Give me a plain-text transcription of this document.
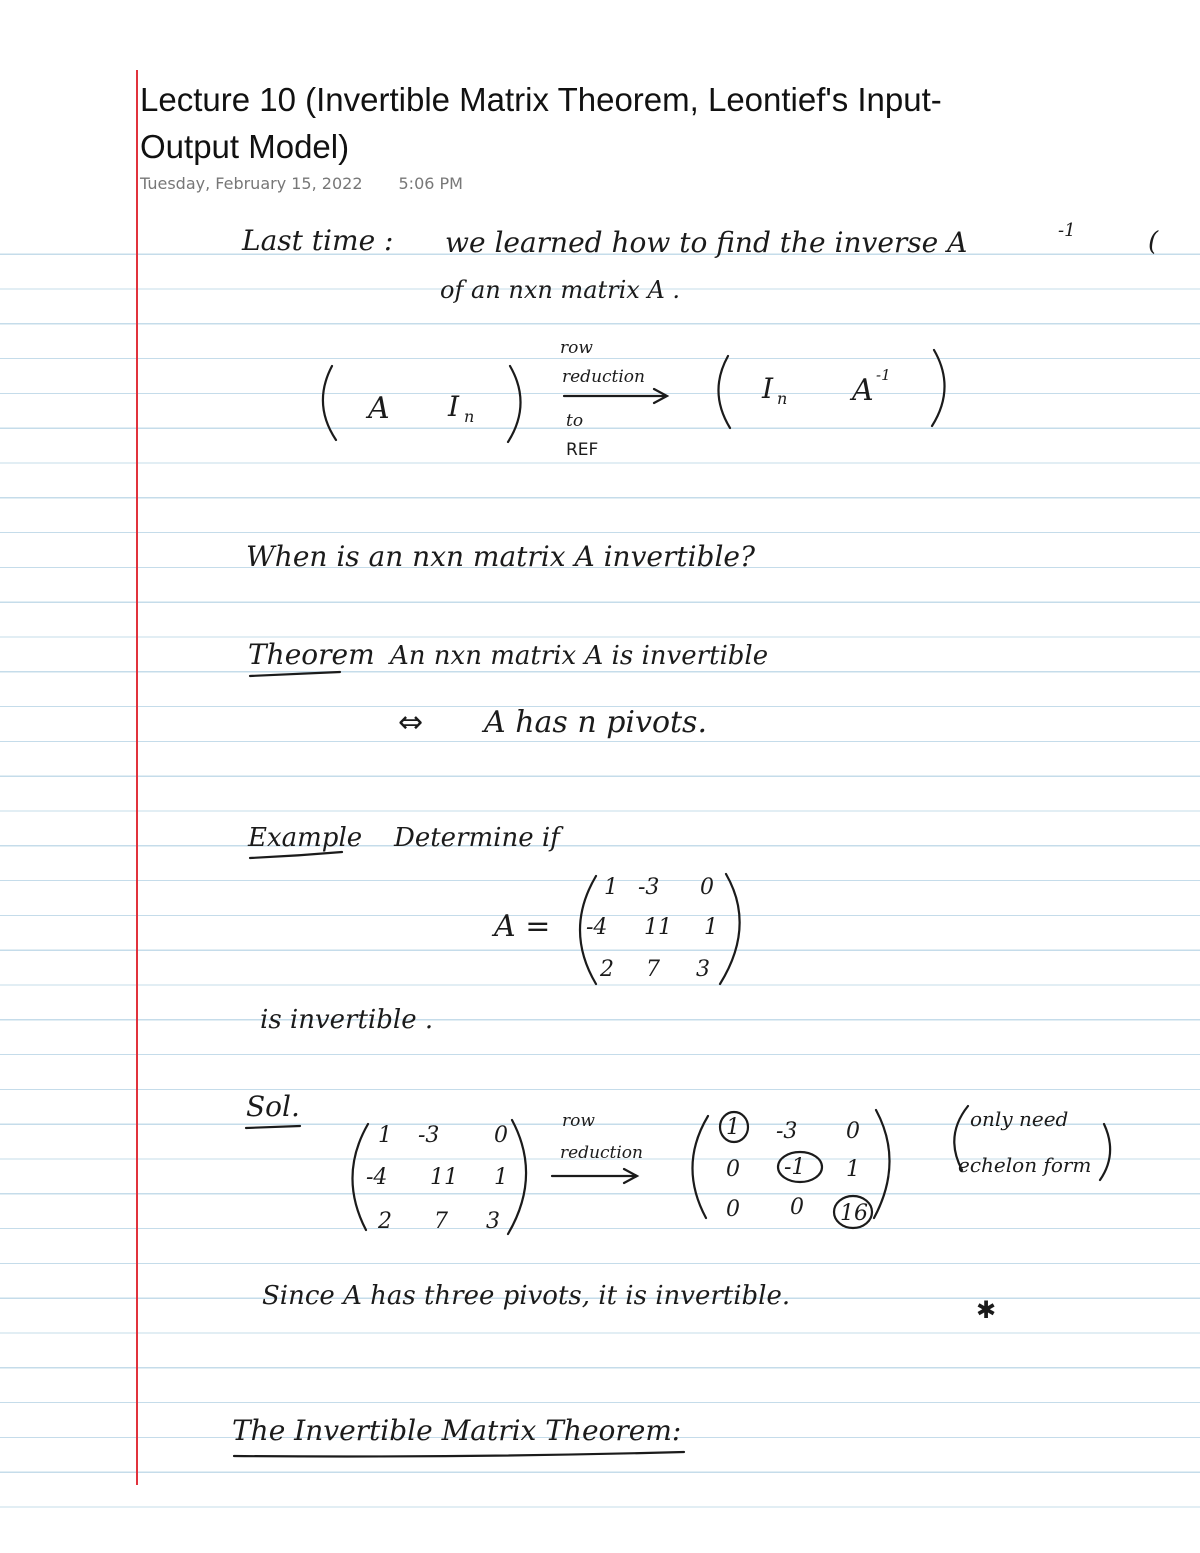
Lecture 10 (Invertible Matrix Theorem, Leontief's Input-Output Model)
Tuesday, February 15, 2022 5:06 PM
Last time : we learned how to find the inverse A	-1	(
of an nxn matrix A .
A I n
row
reduction
to
REF
I n A -1
When is an nxn matrix A invertible?
Theorem An nxn matrix A is invertible
⇔ A has n pivots.
Example Determine if
A =
1 -3 0
-4 11 1
2 7 3
is invertible .
Sol.
1 -3 0
-4 11 1
2 7 3
row
reduction
1 -3 0
0 -1 1
0 0 16
only need
echelon form
Since A has three pivots, it is invertible.	✱
The Invertible Matrix Theorem:
